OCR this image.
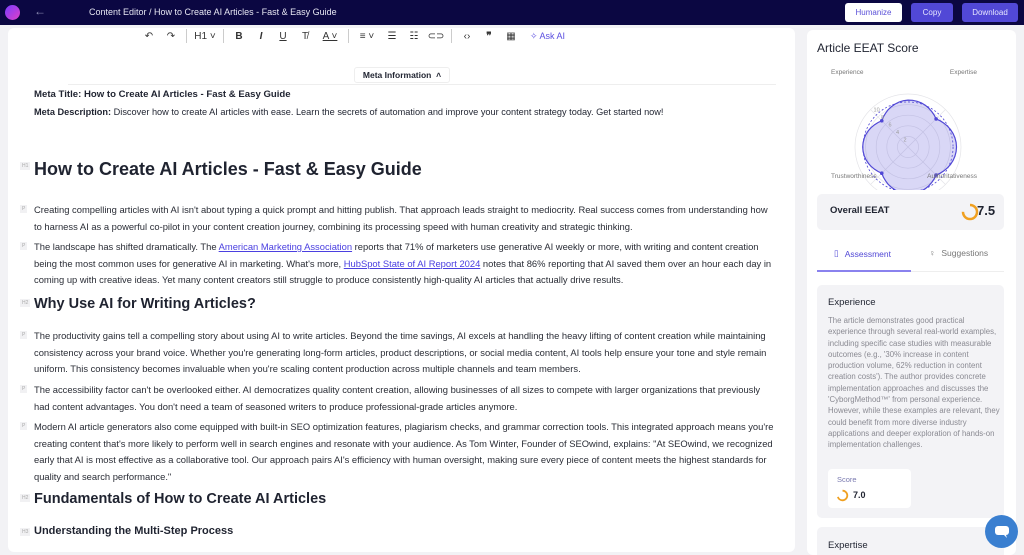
←	Content Editor / How to Create AI Articles - Fast & Easy Guide	Humanize	Copy	Download
↶	↷	H1 ˅	B	I	U	T̸	A ˅	≡ ˅	☰	☷ ⊂⊃	‹›	❞	▦	✧ Ask AI
Meta Information ˄
Meta Title: How to Create AI Articles - Fast & Easy Guide
Meta Description: Discover how to create AI articles with ease. Learn the secrets of automation and improve your content strategy today. Get started now!
H1 How to Create AI Articles - Fast & Easy Guide
P Creating compelling articles with AI isn't about typing a quick prompt and hitting publish. That approach leads straight to mediocrity. Real success comes from understanding how to harness AI as a powerful co-pilot in your content creation journey, combining its processing speed with human creativity and strategic thinking.

P The landscape has shifted dramatically. The American Marketing Association reports that 71% of marketers use generative AI weekly or more, with writing and content creation being the most common uses for generative AI in marketing. What's more, HubSpot State of AI Report 2024 notes that 86% reporting that AI saved them over an hour each day in coming up with creative ideas. Yet many content creators still struggle to produce consistently high-quality AI articles that actually drive results.

H2 Why Use AI for Writing Articles?
P The productivity gains tell a compelling story about using AI to write articles. Beyond the time savings, AI excels at handling the heavy lifting of content creation while maintaining consistency across your brand voice. Whether you're generating long-form articles, product descriptions, or social media content, AI tools help ensure your tone and style remain uniform. This consistency becomes invaluable when you're scaling content production across multiple channels and team members.

P The accessibility factor can't be overlooked either. AI democratizes quality content creation, allowing businesses of all sizes to compete with larger organizations that previously had content advantages. You don't need a team of seasoned writers to produce professional-grade articles anymore.

P Modern AI article generators also come equipped with built-in SEO optimization features, plagiarism checks, and grammar correction tools. This integrated approach means you're creating content that's more likely to perform well in search engines and resonate with your audience. As Tom Winter, Founder of SEOwind, explains: "At SEOwind, we recognized early that AI is most effective as a collaborative tool. Our approach pairs AI's efficiency with human oversight, making sure every piece of content meets the highest standards for quality and search performance."

H2 Fundamentals of How to Create AI Articles
H3 Understanding the Multi-Step Process
Article EEAT Score
Experience	Expertise
Authoritativeness
Trustworthiness
2
4
6
8
10
Overall EEAT	7.5
▯ Assessment	♀ Suggestions
Experience
The article demonstrates good practical experience through several real-world examples, including specific case studies with measurable outcomes (e.g., '30% increase in content production volume, 62% reduction in content creation costs'). The author provides concrete implementation approaches and discusses the 'CyborgMethod™' from personal experience. However, while these examples are relevant, they could benefit from more diverse industry applications and deeper exploration of hands-on implementation challenges.
Score
7.0
Expertise
